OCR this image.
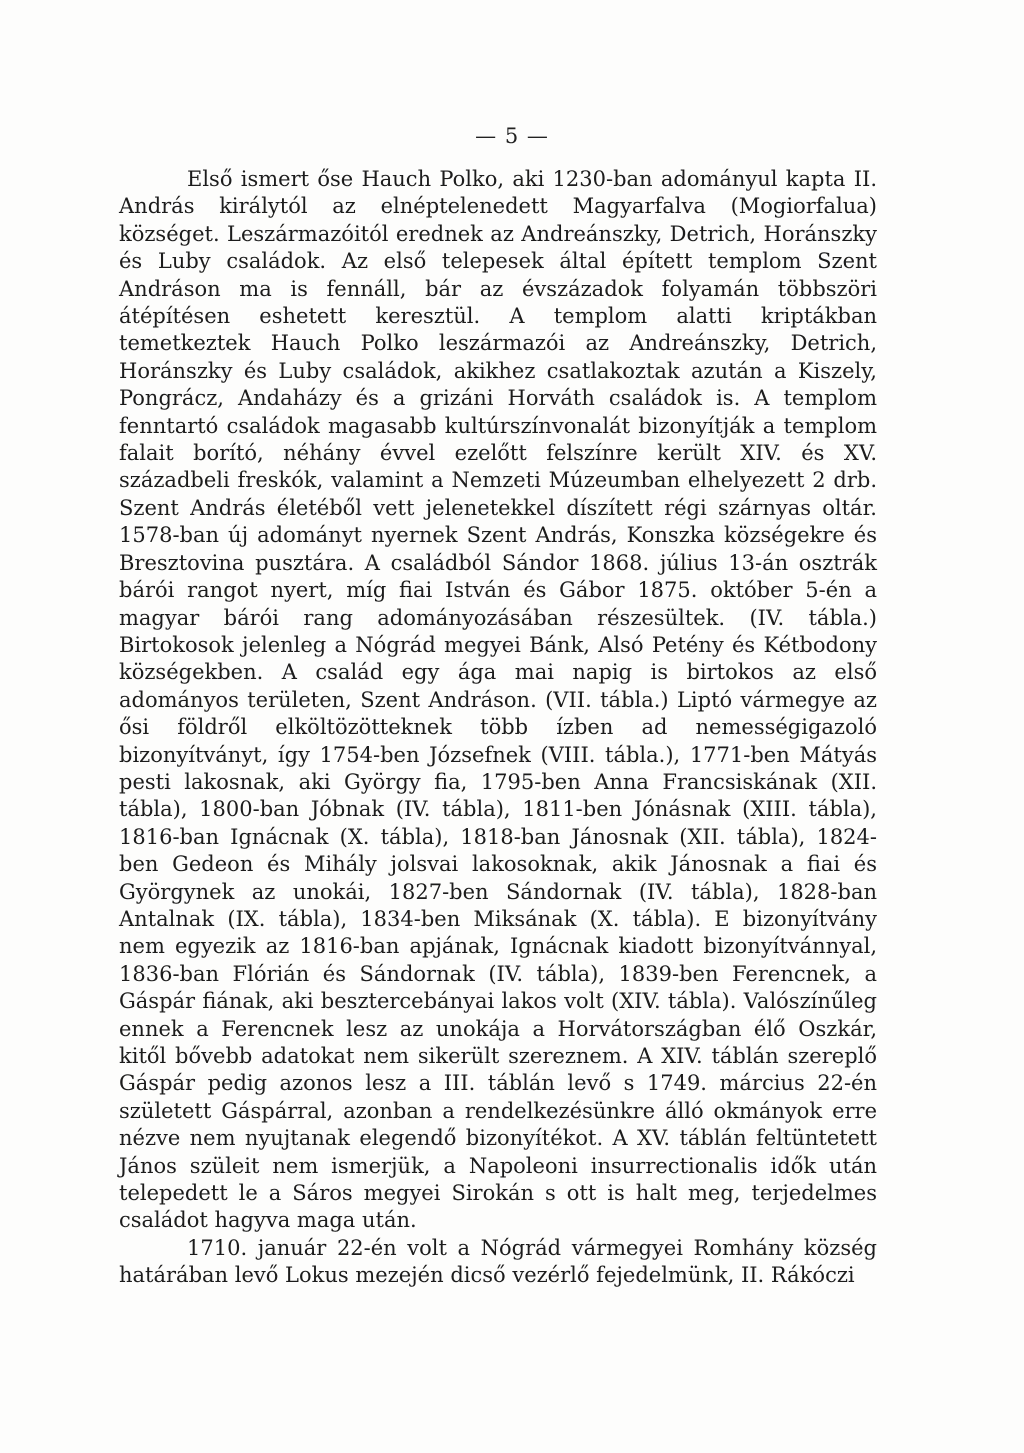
— 5 —

Első ismert őse Hauch Polko, aki 1230-ban adományul kapta II. András királytól az elnéptelenedett Magyarfalva (Mogiorfalua) községet. Leszármazóitól erednek az Andreánszky, Detrich, Horánszky és Luby családok. Az első telepesek által épített templom Szent Andráson ma is fennáll, bár az évszázadok folyamán többszöri átépítésen eshetett keresztül. A templom alatti kriptákban temetkeztek Hauch Polko leszármazói az Andreánszky, Detrich, Horánszky és Luby családok, akikhez csatlakoztak azután a Kiszely, Pongrácz, Andaházy és a grizáni Horváth családok is. A templom fenntartó családok magasabb kultúrszínvonalát bizonyítják a templom falait borító, néhány évvel ezelőtt felszínre került XIV. és XV. századbeli freskók, valamint a Nemzeti Múzeumban elhelyezett 2 drb. Szent András életéből vett jelenetekkel díszített régi szárnyas oltár. 1578-ban új adományt nyernek Szent András, Konszka községekre és Bresztovina pusztára. A családból Sándor 1868. július 13-án osztrák bárói rangot nyert, míg fiai István és Gábor 1875. október 5-én a magyar bárói rang adományozásában részesültek. (IV. tábla.) Birtokosok jelenleg a Nógrád megyei Bánk, Alsó Petény és Kétbodony községekben. A család egy ága mai napig is birtokos az első adományos területen, Szent Andráson. (VII. tábla.) Liptó vármegye az ősi földről elköltözötteknek több ízben ad nemességigazoló bizonyítványt, így 1754-ben Józsefnek (VIII. tábla.), 1771-ben Mátyás pesti lakosnak, aki György fia, 1795-ben Anna Francsiskának (XII. tábla), 1800-ban Jóbnak (IV. tábla), 1811-ben Jónásnak (XIII. tábla), 1816-ban Ignácnak (X. tábla), 1818-ban Jánosnak (XII. tábla), 1824-ben Gedeon és Mihály jolsvai lakosoknak, akik Jánosnak a fiai és Györgynek az unokái, 1827-ben Sándornak (IV. tábla), 1828-ban Antalnak (IX. tábla), 1834-ben Miksának (X. tábla). E bizonyítvány nem egyezik az 1816-ban apjának, Ignácnak kiadott bizonyítvánnyal, 1836-ban Flórián és Sándornak (IV. tábla), 1839-ben Ferencnek, a Gáspár fiának, aki besztercebányai lakos volt (XIV. tábla). Valószínűleg ennek a Ferencnek lesz az unokája a Horvátországban élő Oszkár, kitől bővebb adatokat nem sikerült szereznem. A XIV. táblán szereplő Gáspár pedig azonos lesz a III. táblán levő s 1749. március 22-én született Gáspárral, azonban a rendelkezésünkre álló okmányok erre nézve nem nyujtanak elegendő bizonyítékot. A XV. táblán feltüntetett János szüleit nem ismerjük, a Napoleoni insurrectionalis idők után telepedett le a Sáros megyei Sirokán s ott is halt meg, terjedelmes családot hagyva maga után.

1710. január 22-én volt a Nógrád vármegyei Romhány község határában levő Lokus mezején dicső vezérlő fejedelmünk, II. Rákóczi
